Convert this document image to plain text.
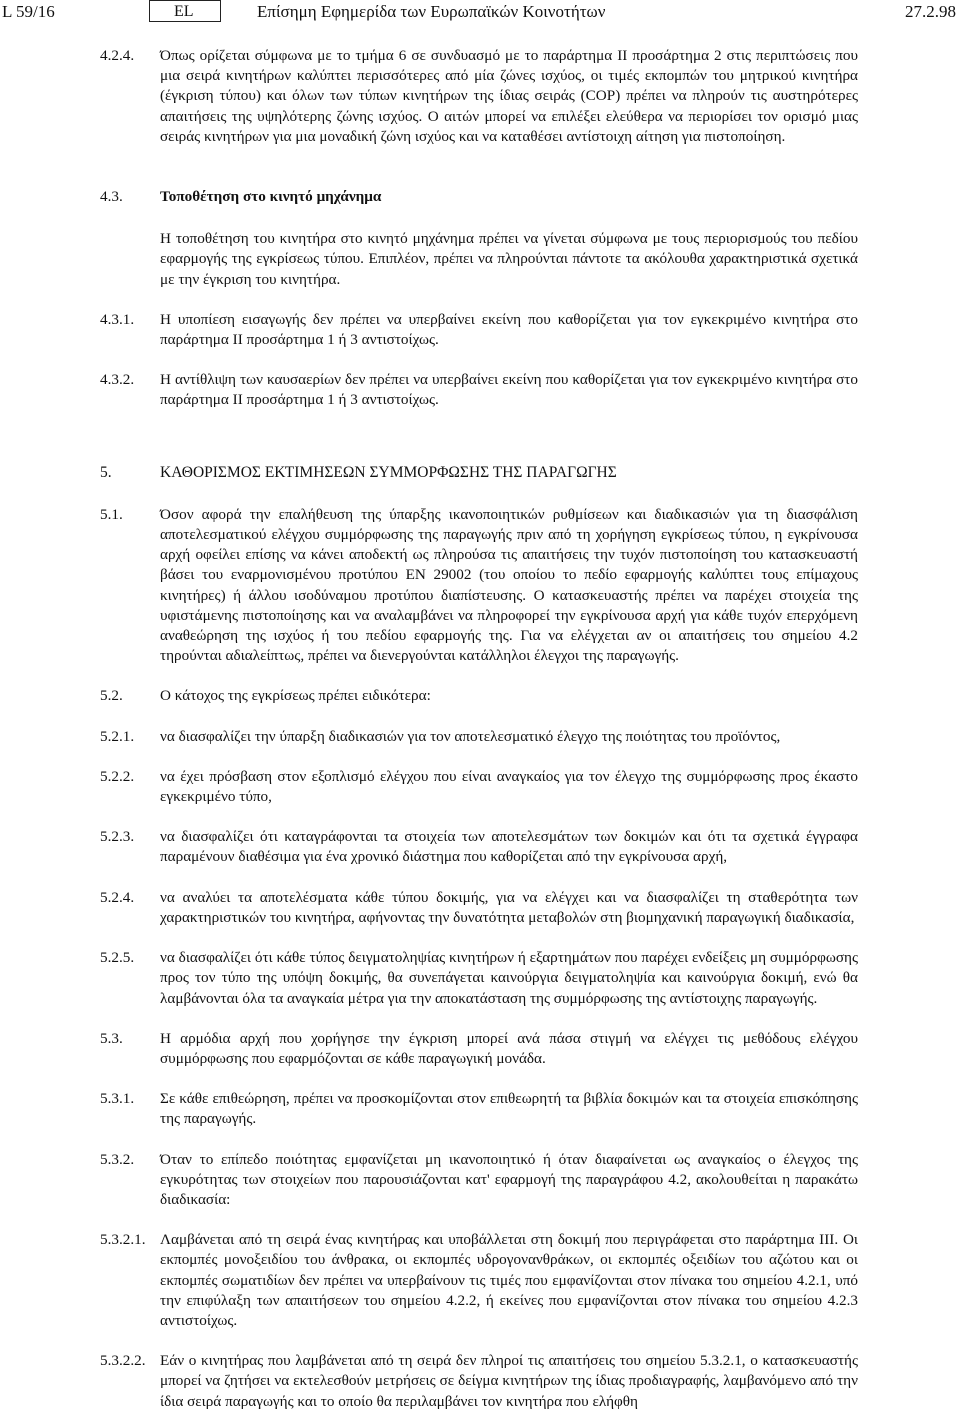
L 59/16	EL	Επίσημη Εφημερίδα των Ευρωπαϊκών Κοινοτήτων	27.2.98
4.2.4. Όπως ορίζεται σύμφωνα με το τμήμα 6 σε συνδυασμό με το παράρτημα II προσάρτημα 2 στις περιπτώσεις που μια σειρά κινητήρων καλύπτει περισσότερες από μία ζώνες ισχύος, οι τιμές εκπομπών του μητρικού κινητήρα (έγκριση τύπου) και όλων των τύπων κινητήρων της ίδιας σειράς (COP) πρέπει να πληρούν τις αυστηρότερες απαιτήσεις της υψηλότερης ζώνης ισχύος. Ο αιτών μπορεί να επιλέξει ελεύθερα να περιορίσει τον ορισμό μιας σειράς κινητήρων για μια μοναδική ζώνη ισχύος και να καταθέσει αντίστοιχη αίτηση για πιστοποίηση.
4.3. Τοποθέτηση στο κινητό μηχάνημα
Η τοποθέτηση του κινητήρα στο κινητό μηχάνημα πρέπει να γίνεται σύμφωνα με τους περιορισμούς του πεδίου εφαρμογής της εγκρίσεως τύπου. Επιπλέον, πρέπει να πληρούνται πάντοτε τα ακόλουθα χαρακτηριστικά σχετικά με την έγκριση του κινητήρα.
4.3.1. Η υποπίεση εισαγωγής δεν πρέπει να υπερβαίνει εκείνη που καθορίζεται για τον εγκεκριμένο κινητήρα στο παράρτημα II προσάρτημα 1 ή 3 αντιστοίχως.
4.3.2. Η αντίθλιψη των καυσαερίων δεν πρέπει να υπερβαίνει εκείνη που καθορίζεται για τον εγκεκριμένο κινητήρα στο παράρτημα II προσάρτημα 1 ή 3 αντιστοίχως.
5.	ΚΑΘΟΡΙΣΜΟΣ ΕΚΤΙΜΗΣΕΩΝ ΣΥΜΜΟΡΦΩΣΗΣ ΤΗΣ ΠΑΡΑΓΩΓΗΣ
5.1. Όσον αφορά την επαλήθευση της ύπαρξης ικανοποιητικών ρυθμίσεων και διαδικασιών για τη διασφάλιση αποτελεσματικού ελέγχου συμμόρφωσης της παραγωγής πριν από τη χορήγηση εγκρίσεως τύπου, η εγκρίνουσα αρχή οφείλει επίσης να κάνει αποδεκτή ως πληρούσα τις απαιτήσεις την τυχόν πιστοποίηση του κατασκευαστή βάσει του εναρμονισμένου προτύπου EN 29002 (του οποίου το πεδίο εφαρμογής καλύπτει τους επίμαχους κινητήρες) ή άλλου ισοδύναμου προτύπου διαπίστευσης. Ο κατασκευαστής πρέπει να παρέχει στοιχεία της υφιστάμενης πιστοποίησης και να αναλαμβάνει να πληροφορεί την εγκρίνουσα αρχή για κάθε τυχόν επερχόμενη αναθεώρηση της ισχύος ή του πεδίου εφαρμογής της. Για να ελέγχεται αν οι απαιτήσεις του σημείου 4.2 τηρούνται αδιαλείπτως, πρέπει να διενεργούνται κατάλληλοι έλεγχοι της παραγωγής.
5.2. Ο κάτοχος της εγκρίσεως πρέπει ειδικότερα:
5.2.1. να διασφαλίζει την ύπαρξη διαδικασιών για τον αποτελεσματικό έλεγχο της ποιότητας του προϊόντος,
5.2.2. να έχει πρόσβαση στον εξοπλισμό ελέγχου που είναι αναγκαίος για τον έλεγχο της συμμόρφωσης προς έκαστο εγκεκριμένο τύπο,
5.2.3. να διασφαλίζει ότι καταγράφονται τα στοιχεία των αποτελεσμάτων των δοκιμών και ότι τα σχετικά έγγραφα παραμένουν διαθέσιμα για ένα χρονικό διάστημα που καθορίζεται από την εγκρίνουσα αρχή,
5.2.4. να αναλύει τα αποτελέσματα κάθε τύπου δοκιμής, για να ελέγχει και να διασφαλίζει τη σταθερότητα των χαρακτηριστικών του κινητήρα, αφήνοντας την δυνατότητα μεταβολών στη βιομηχανική παραγωγική διαδικασία,
5.2.5. να διασφαλίζει ότι κάθε τύπος δειγματοληψίας κινητήρων ή εξαρτημάτων που παρέχει ενδείξεις μη συμμόρφωσης προς τον τύπο της υπόψη δοκιμής, θα συνεπάγεται καινούργια δειγματοληψία και καινούργια δοκιμή, ενώ θα λαμβάνονται όλα τα αναγκαία μέτρα για την αποκατάσταση της συμμόρφωσης της αντίστοιχης παραγωγής.
5.3. Η αρμόδια αρχή που χορήγησε την έγκριση μπορεί ανά πάσα στιγμή να ελέγχει τις μεθόδους ελέγχου συμμόρφωσης που εφαρμόζονται σε κάθε παραγωγική μονάδα.
5.3.1. Σε κάθε επιθεώρηση, πρέπει να προσκομίζονται στον επιθεωρητή τα βιβλία δοκιμών και τα στοιχεία επισκόπησης της παραγωγής.
5.3.2. Όταν το επίπεδο ποιότητας εμφανίζεται μη ικανοποιητικό ή όταν διαφαίνεται ως αναγκαίος ο έλεγχος της εγκυρότητας των στοιχείων που παρουσιάζονται κατ' εφαρμογή της παραγράφου 4.2, ακολουθείται η παρακάτω διαδικασία:
5.3.2.1. Λαμβάνεται από τη σειρά ένας κινητήρας και υποβάλλεται στη δοκιμή που περιγράφεται στο παράρτημα III. Οι εκπομπές μονοξειδίου του άνθρακα, οι εκπομπές υδρογονανθράκων, οι εκπομπές οξειδίων του αζώτου και οι εκπομπές σωματιδίων δεν πρέπει να υπερβαίνουν τις τιμές που εμφανίζονται στον πίνακα του σημείου 4.2.1, υπό την επιφύλαξη των απαιτήσεων του σημείου 4.2.2, ή εκείνες που εμφανίζονται στον πίνακα του σημείου 4.2.3 αντιστοίχως.
5.3.2.2. Εάν ο κινητήρας που λαμβάνεται από τη σειρά δεν πληροί τις απαιτήσεις του σημείου 5.3.2.1, ο κατασκευαστής μπορεί να ζητήσει να εκτελεσθούν μετρήσεις σε δείγμα κινητήρων της ίδιας προδιαγραφής, λαμβανόμενο από την ίδια σειρά παραγωγής και το οποίο θα περιλαμβάνει τον κινητήρα που ελήφθη
